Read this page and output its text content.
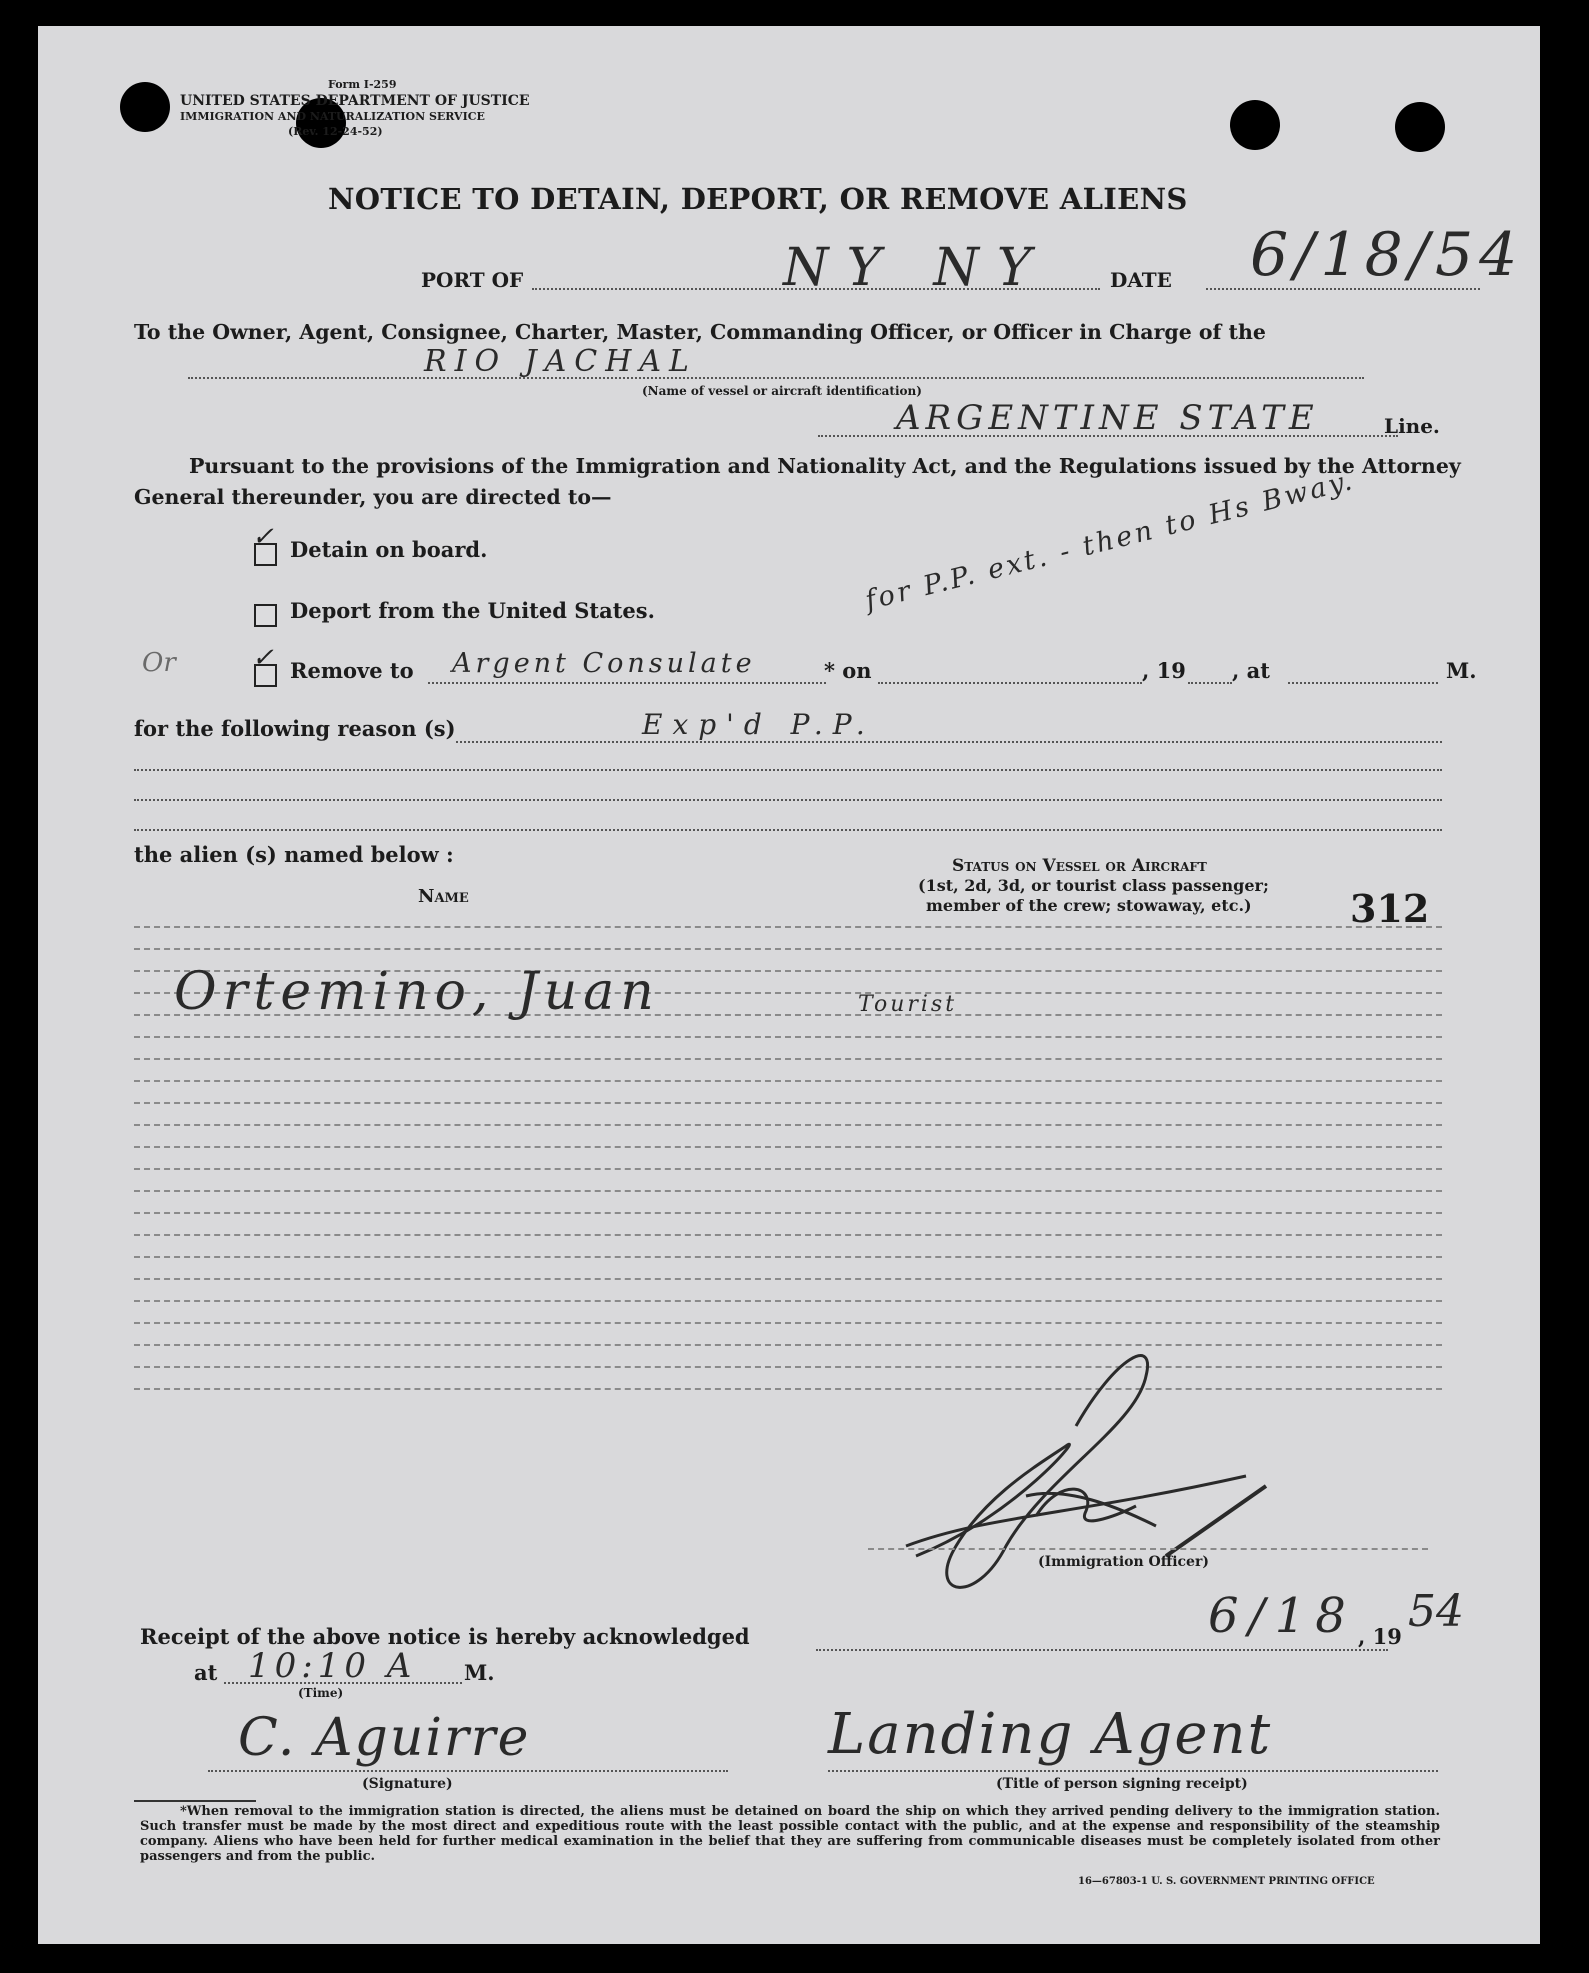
Form I-259
UNITED STATES DEPARTMENT OF JUSTICE
IMMIGRATION AND NATURALIZATION SERVICE
(Rev. 12-24-52)
NOTICE TO DETAIN, DEPORT, OR REMOVE ALIENS
PORT OF	NY NY	DATE 6/18/54
To the Owner, Agent, Consignee, Charter, Master, Commanding Officer, or Officer in Charge of the
RIO JACHAL
(Name of vessel or aircraft identification)
ARGENTINE STATE	Line.
Pursuant to the provisions of the Immigration and Nationality Act, and the Regulations issued by the Attorney General thereunder, you are directed to—
✓ Detain on board.
Deport from the United States.
Or	✓ Remove to Argent Consulate	* on	, 19 , at	M.
for P.P. ext. - then to Hs Bway.
for the following reason (s)	Exp'd P.P.
the alien (s) named below :
Name
Status on Vessel or Aircraft
(1st, 2d, 3d, or tourist class passenger;
member of the crew; stowaway, etc.)	312
Ortemino, Juan	Tourist
(Immigration Officer)
Receipt of the above notice is hereby acknowledged	6/18 , 19 54
at 10:10 A M.
(Time)
C. Aguirre
(Signature)
Landing Agent
(Title of person signing receipt)
*When removal to the immigration station is directed, the aliens must be detained on board the ship on which they arrived pending delivery to the immigration station. Such transfer must be made by the most direct and expeditious route with the least possible contact with the public, and at the expense and responsibility of the steamship company. Aliens who have been held for further medical examination in the belief that they are suffering from communicable diseases must be completely isolated from other passengers and from the public.
16—67803-1 U. S. GOVERNMENT PRINTING OFFICE
